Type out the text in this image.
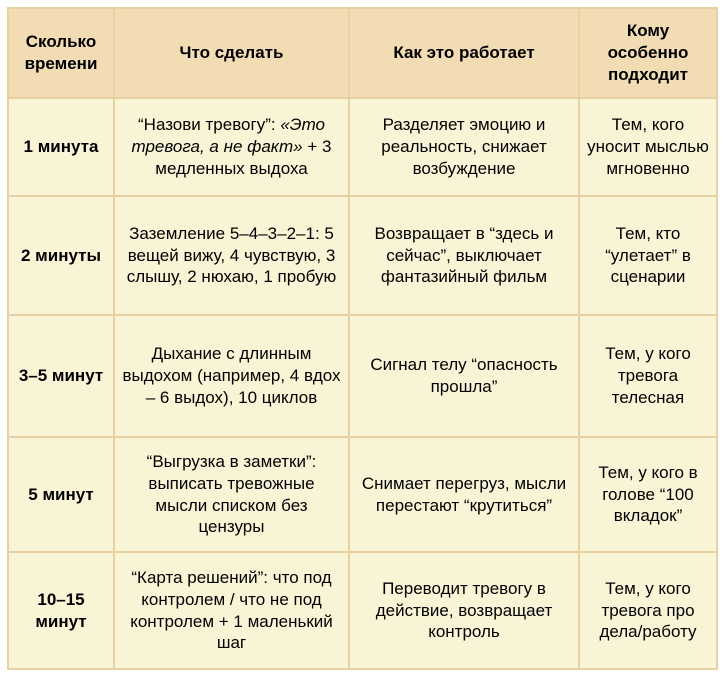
Сколько времени	Что сделать	Как это работает	Кому особенно подходит
1 минута	“Назови тревогу”: «Это тревога, а не факт» + 3 медленных выдоха	Разделяет эмоцию и реальность, снижает возбуждение	Тем, кого уносит мыслью мгновенно
2 минуты	Заземление 5–4–3–2–1: 5 вещей вижу, 4 чувствую, 3 слышу, 2 нюхаю, 1 пробую	Возвращает в “здесь и сейчас”, выключает фантазийный фильм	Тем, кто “улетает” в сценарии
3–5 минут	Дыхание с длинным выдохом (например, 4 вдох – 6 выдох), 10 циклов	Сигнал телу “опасность прошла”	Тем, у кого тревога телесная
5 минут	“Выгрузка в заметки”: выписать тревожные мысли списком без цензуры	Снимает перегруз, мысли перестают “крутиться”	Тем, у кого в голове “100 вкладок”
10–15 минут	“Карта решений”: что под контролем / что не под контролем + 1 маленький шаг	Переводит тревогу в действие, возвращает контроль	Тем, у кого тревога про дела/работу
